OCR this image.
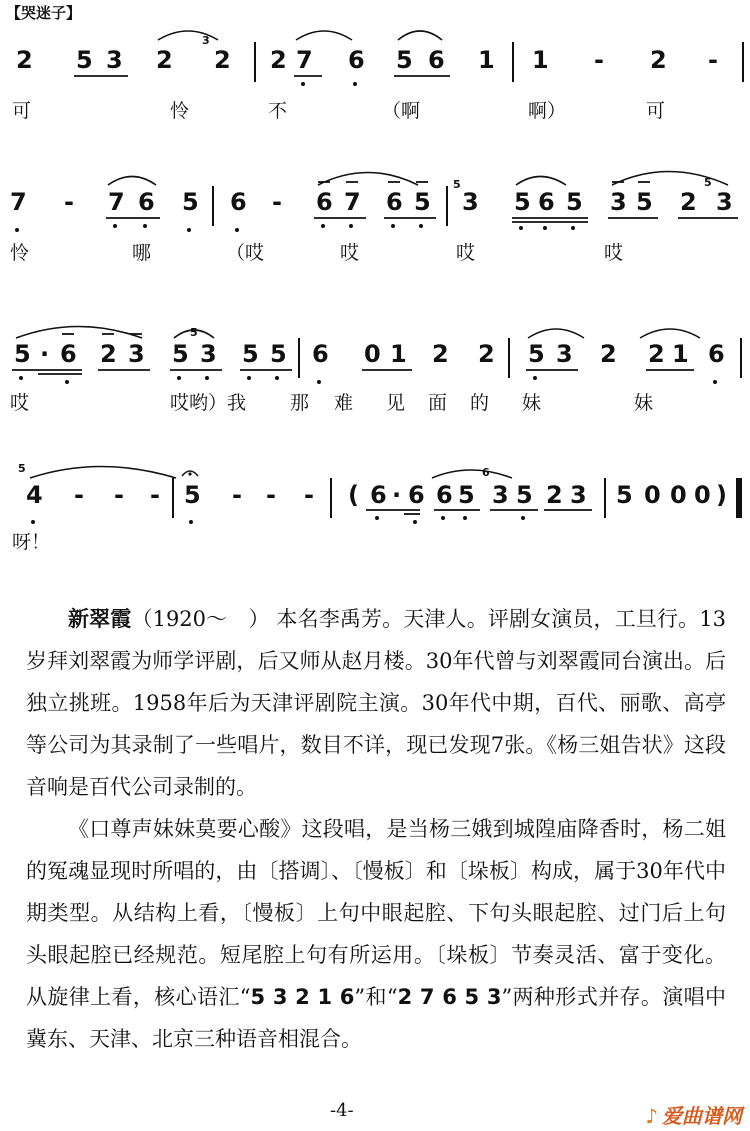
【哭迷子】
2 5 3 2 2 2 7 6 5 6 1 1 - 2 -
可	怜	不	（啊	啊）	可
7 - 7 6 5 6 - 6 7 6 5 3 5 6 5 3 5 2 3
怜	哪	（哎	哎	哎	哎
5 · 6 2 3 5 3 5 5 6 0 1 2 2 5 3 2 2 1 6
哎	哎哟）我 那 难 见 面 的 妹	妹
4 - - - 5 - - - ( 6 · 6 6 5 3 5 2 3 5 0 0 0 )
呀！
3
5	5
5
5	6

新翠霞（1920～　） 本名李禹芳。天津人。评剧女演员，工旦行。13岁拜刘翠霞为师学评剧，后又师从赵月楼。30年代曾与刘翠霞同台演出。后独立挑班。1958年后为天津评剧院主演。30年代中期，百代、丽歌、高亭等公司为其录制了一些唱片，数目不详，现已发现7张。《杨三姐告状》这段音响是百代公司录制的。

《口尊声妹妹莫要心酸》这段唱，是当杨三娥到城隍庙降香时，杨二姐的冤魂显现时所唱的，由〔搭调〕、〔慢板〕和〔垛板〕构成，属于30年代中期类型。从结构上看，〔慢板〕上句中眼起腔、下句头眼起腔、过门后上句头眼起腔已经规范。短尾腔上句有所运用。〔垛板〕节奏灵活、富于变化。从旋律上看，核心语汇“5 3 2 1 6”和“2 7 6 5 3”两种形式并存。演唱中冀东、天津、北京三种语音相混合。

-4-	♪ 爱曲谱网
